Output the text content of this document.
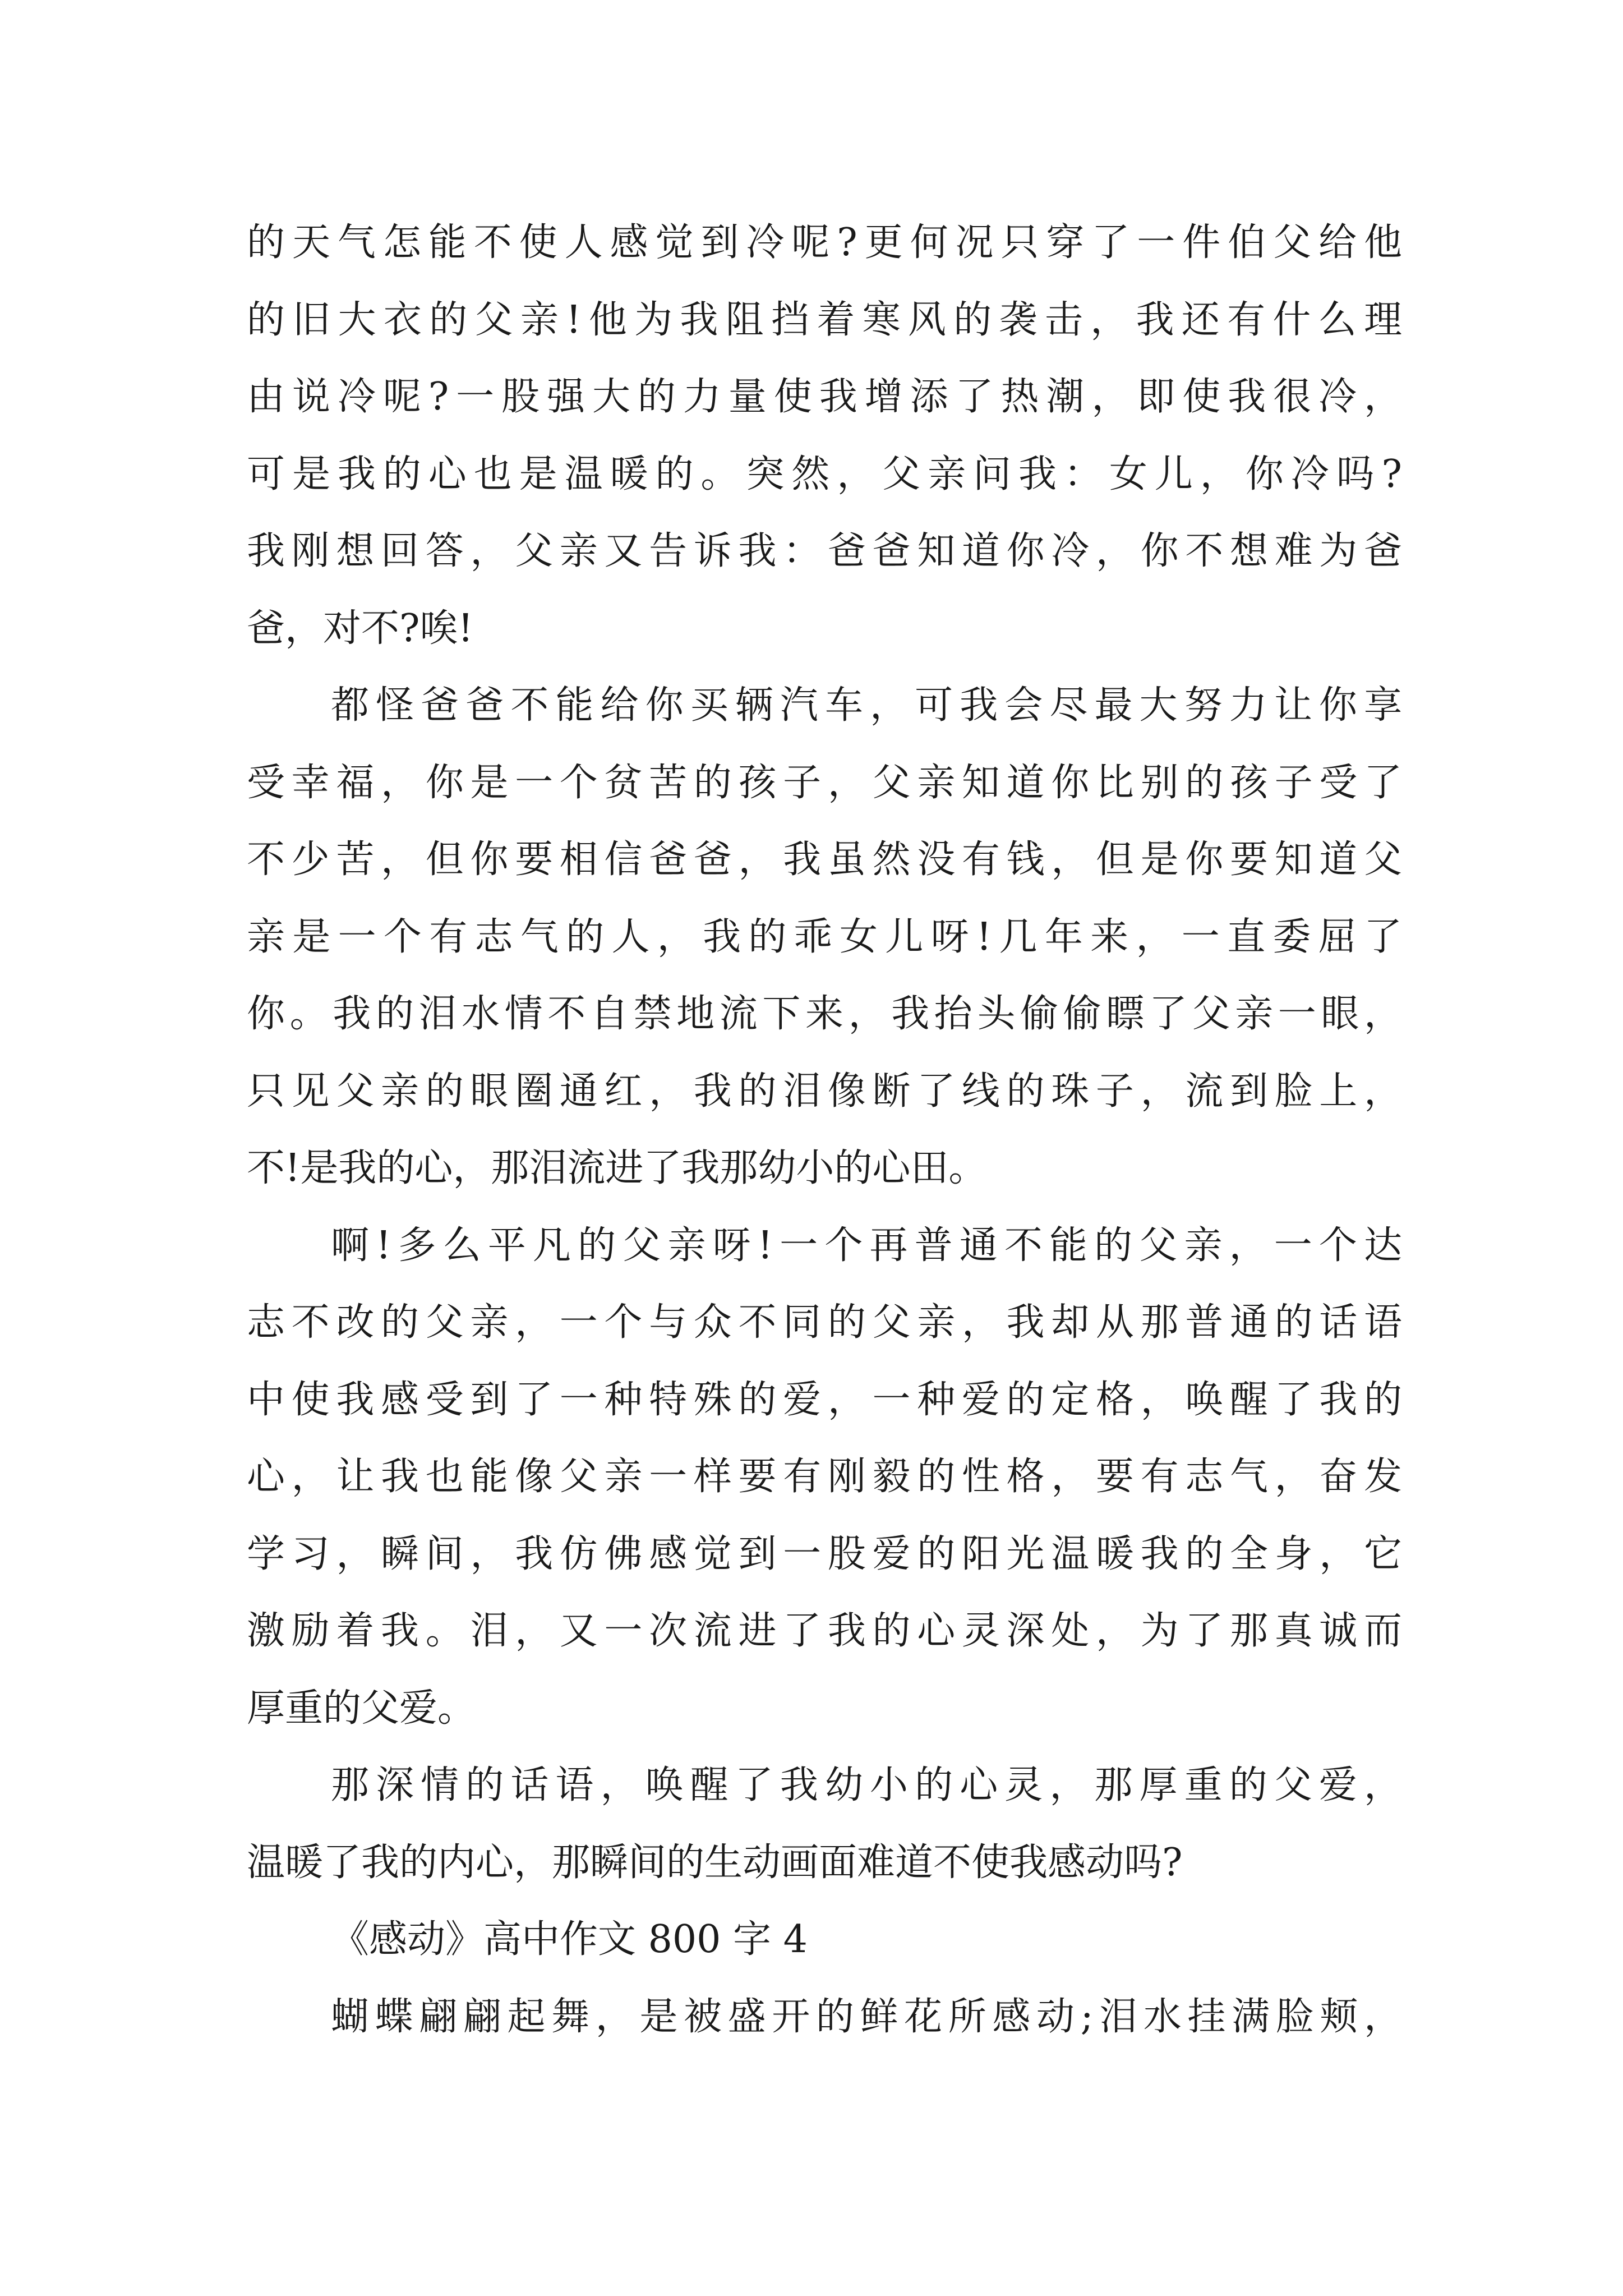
的天气怎能不使人感觉到冷呢?更何况只穿了一件伯父给他
的旧大衣的父亲!他为我阻挡着寒风的袭击，我还有什么理
由说冷呢?一股强大的力量使我增添了热潮，即使我很冷，
可是我的心也是温暖的。突然，父亲问我：女儿，你冷吗?
我刚想回答，父亲又告诉我：爸爸知道你冷，你不想难为爸
爸，对不?唉!
都怪爸爸不能给你买辆汽车，可我会尽最大努力让你享
受幸福，你是一个贫苦的孩子，父亲知道你比别的孩子受了
不少苦，但你要相信爸爸，我虽然没有钱，但是你要知道父
亲是一个有志气的人，我的乖女儿呀!几年来，一直委屈了
你。我的泪水情不自禁地流下来，我抬头偷偷瞟了父亲一眼，
只见父亲的眼圈通红，我的泪像断了线的珠子，流到脸上，
不!是我的心，那泪流进了我那幼小的心田。
啊!多么平凡的父亲呀!一个再普通不能的父亲，一个达
志不改的父亲，一个与众不同的父亲，我却从那普通的话语
中使我感受到了一种特殊的爱，一种爱的定格，唤醒了我的
心，让我也能像父亲一样要有刚毅的性格，要有志气，奋发
学习，瞬间，我仿佛感觉到一股爱的阳光温暖我的全身，它
激励着我。泪，又一次流进了我的心灵深处，为了那真诚而
厚重的父爱。
那深情的话语，唤醒了我幼小的心灵，那厚重的父爱，
温暖了我的内心，那瞬间的生动画面难道不使我感动吗?
《感动》高中作文 800 字 4
蝴蝶翩翩起舞，是被盛开的鲜花所感动;泪水挂满脸颊，
